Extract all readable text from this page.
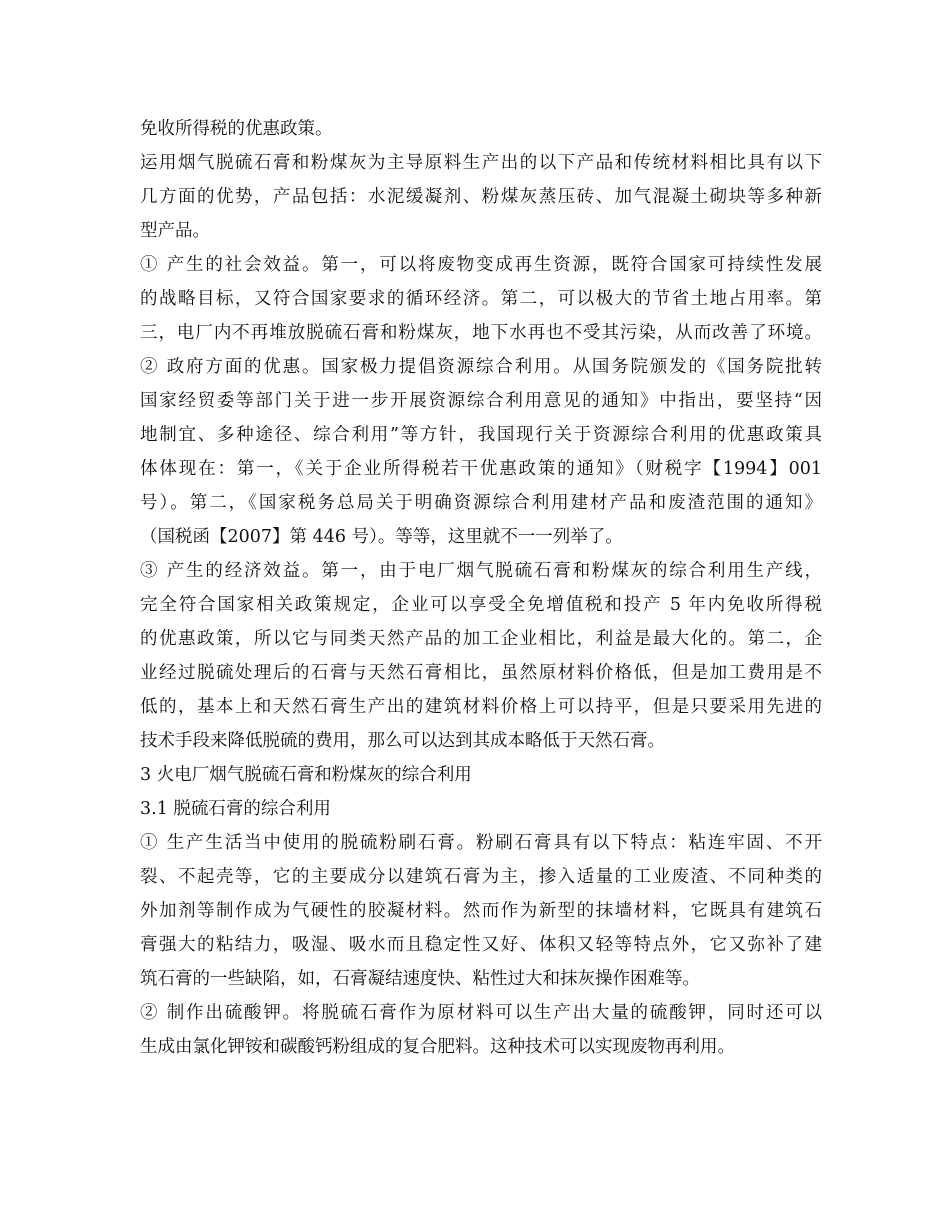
免收所得税的优惠政策。
运用烟气脱硫石膏和粉煤灰为主导原料生产出的以下产品和传统材料相比具有以下
几方面的优势，产品包括：水泥缓凝剂、粉煤灰蒸压砖、加气混凝土砌块等多种新
型产品。
① 产生的社会效益。第一，可以将废物变成再生资源，既符合国家可持续性发展
的战略目标，又符合国家要求的循环经济。第二，可以极大的节省土地占用率。第
三，电厂内不再堆放脱硫石膏和粉煤灰，地下水再也不受其污染，从而改善了环境。
② 政府方面的优惠。国家极力提倡资源综合利用。从国务院颁发的《国务院批转
国家经贸委等部门关于进一步开展资源综合利用意见的通知》中指出，要坚持“因
地制宜、多种途径、综合利用”等方针，我国现行关于资源综合利用的优惠政策具
体体现在：第一，《关于企业所得税若干优惠政策的通知》（财税字【1994】001
号）。第二，《国家税务总局关于明确资源综合利用建材产品和废渣范围的通知》
（国税函【2007】第 446 号）。等等，这里就不一一列举了。
③ 产生的经济效益。第一，由于电厂烟气脱硫石膏和粉煤灰的综合利用生产线，
完全符合国家相关政策规定，企业可以享受全免增值税和投产 5 年内免收所得税
的优惠政策，所以它与同类天然产品的加工企业相比，利益是最大化的。第二，企
业经过脱硫处理后的石膏与天然石膏相比，虽然原材料价格低，但是加工费用是不
低的，基本上和天然石膏生产出的建筑材料价格上可以持平，但是只要采用先进的
技术手段来降低脱硫的费用，那么可以达到其成本略低于天然石膏。
3 火电厂烟气脱硫石膏和粉煤灰的综合利用
3.1 脱硫石膏的综合利用
① 生产生活当中使用的脱硫粉刷石膏。粉刷石膏具有以下特点：粘连牢固、不开
裂、不起壳等，它的主要成分以建筑石膏为主，掺入适量的工业废渣、不同种类的
外加剂等制作成为气硬性的胶凝材料。然而作为新型的抹墙材料，它既具有建筑石
膏强大的粘结力，吸湿、吸水而且稳定性又好、体积又轻等特点外，它又弥补了建
筑石膏的一些缺陷，如，石膏凝结速度快、粘性过大和抹灰操作困难等。
② 制作出硫酸钾。将脱硫石膏作为原材料可以生产出大量的硫酸钾，同时还可以
生成由氯化钾铵和碳酸钙粉组成的复合肥料。这种技术可以实现废物再利用。
